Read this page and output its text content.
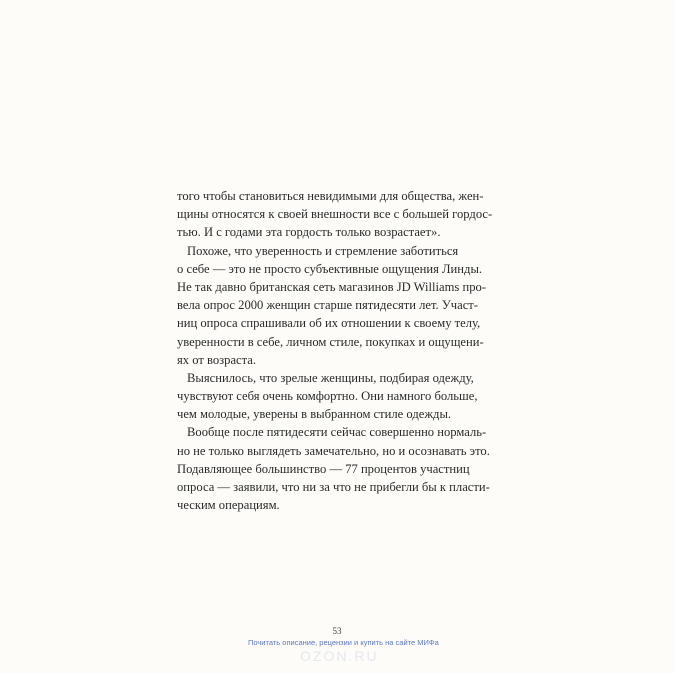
того чтобы становиться невидимыми для общества, жен-
щины относятся к своей внешности все с большей гордос-
тью. И с годами эта гордость только возрастает».
Похоже, что уверенность и стремление заботиться
о себе — это не просто субъективные ощущения Линды.
Не так давно британская сеть магазинов JD Williams про-
вела опрос 2000 женщин старше пятидесяти лет. Участ-
ниц опроса спрашивали об их отношении к своему телу,
уверенности в себе, личном стиле, покупках и ощущени-
ях от возраста.
Выяснилось, что зрелые женщины, подбирая одежду,
чувствуют себя очень комфортно. Они намного больше,
чем молодые, уверены в выбранном стиле одежды.
Вообще после пятидесяти сейчас совершенно нормаль-
но не только выглядеть замечательно, но и осознавать это.
Подавляющее большинство — 77 процентов участниц
опроса — заявили, что ни за что не прибегли бы к пласти-
ческим операциям.
53
Почитать описание, рецензии и купить на сайте МИФа
OZON.RU
